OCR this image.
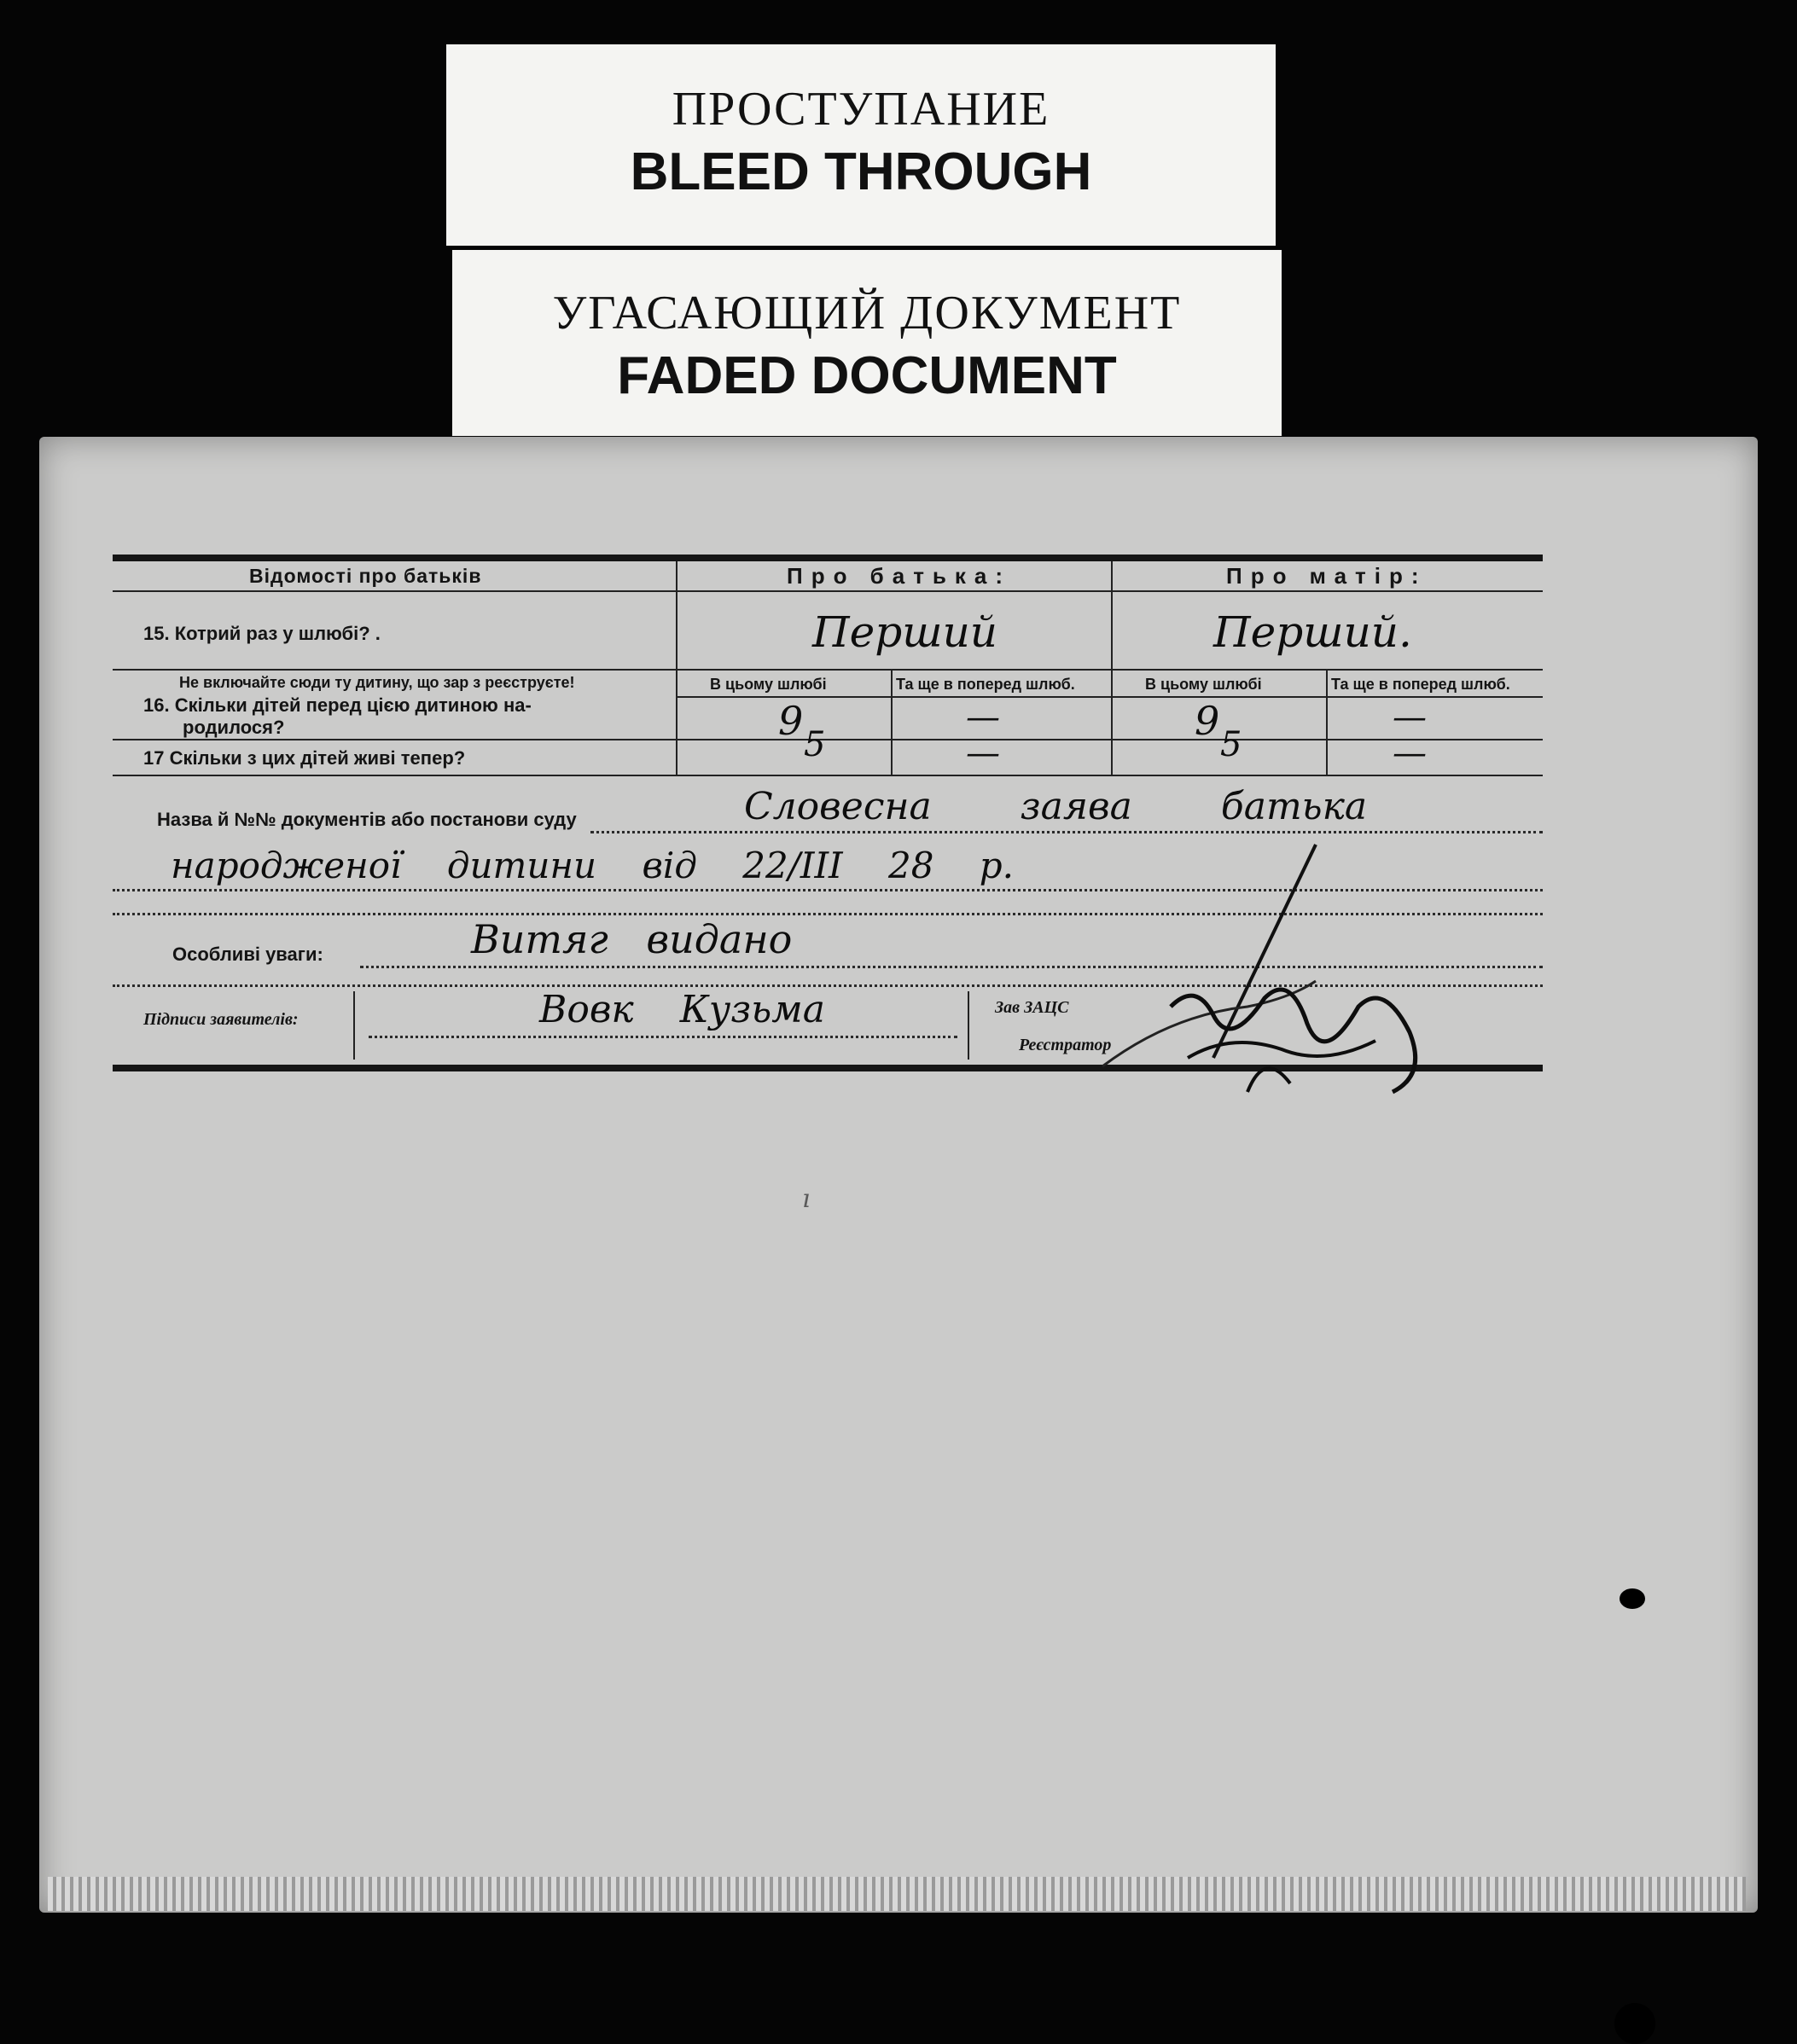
ПРОСТУПАНИЕ
BLEED THROUGH
УГАСАЮЩИЙ ДОКУМЕНТ
FADED DOCUMENT
Відомості про батьків	Про батька:	Про матір:
15. Котрий раз у шлюбі? .	Перший	Перший.
Не включайте сюди ту дитину, що зар з реєструєте!
16. Скільки дітей перед цією дитиною на-
родилося?
В цьому шлюбі	Та ще в поперед шлюб.	В цьому шлюбі	Та ще в поперед шлюб.
9	—	9	—
17 Скільки з цих дітей живі тепер?	5	—	5	—
Назва й №№ документів або постанови суду	Словесна заява батька
народженої дитини від 22/III 28 р.
Особливі уваги:	Витяг видано
Підписи заявителів:	Вовк Кузьма	Зав ЗАЦС
Реєстратор
ı
